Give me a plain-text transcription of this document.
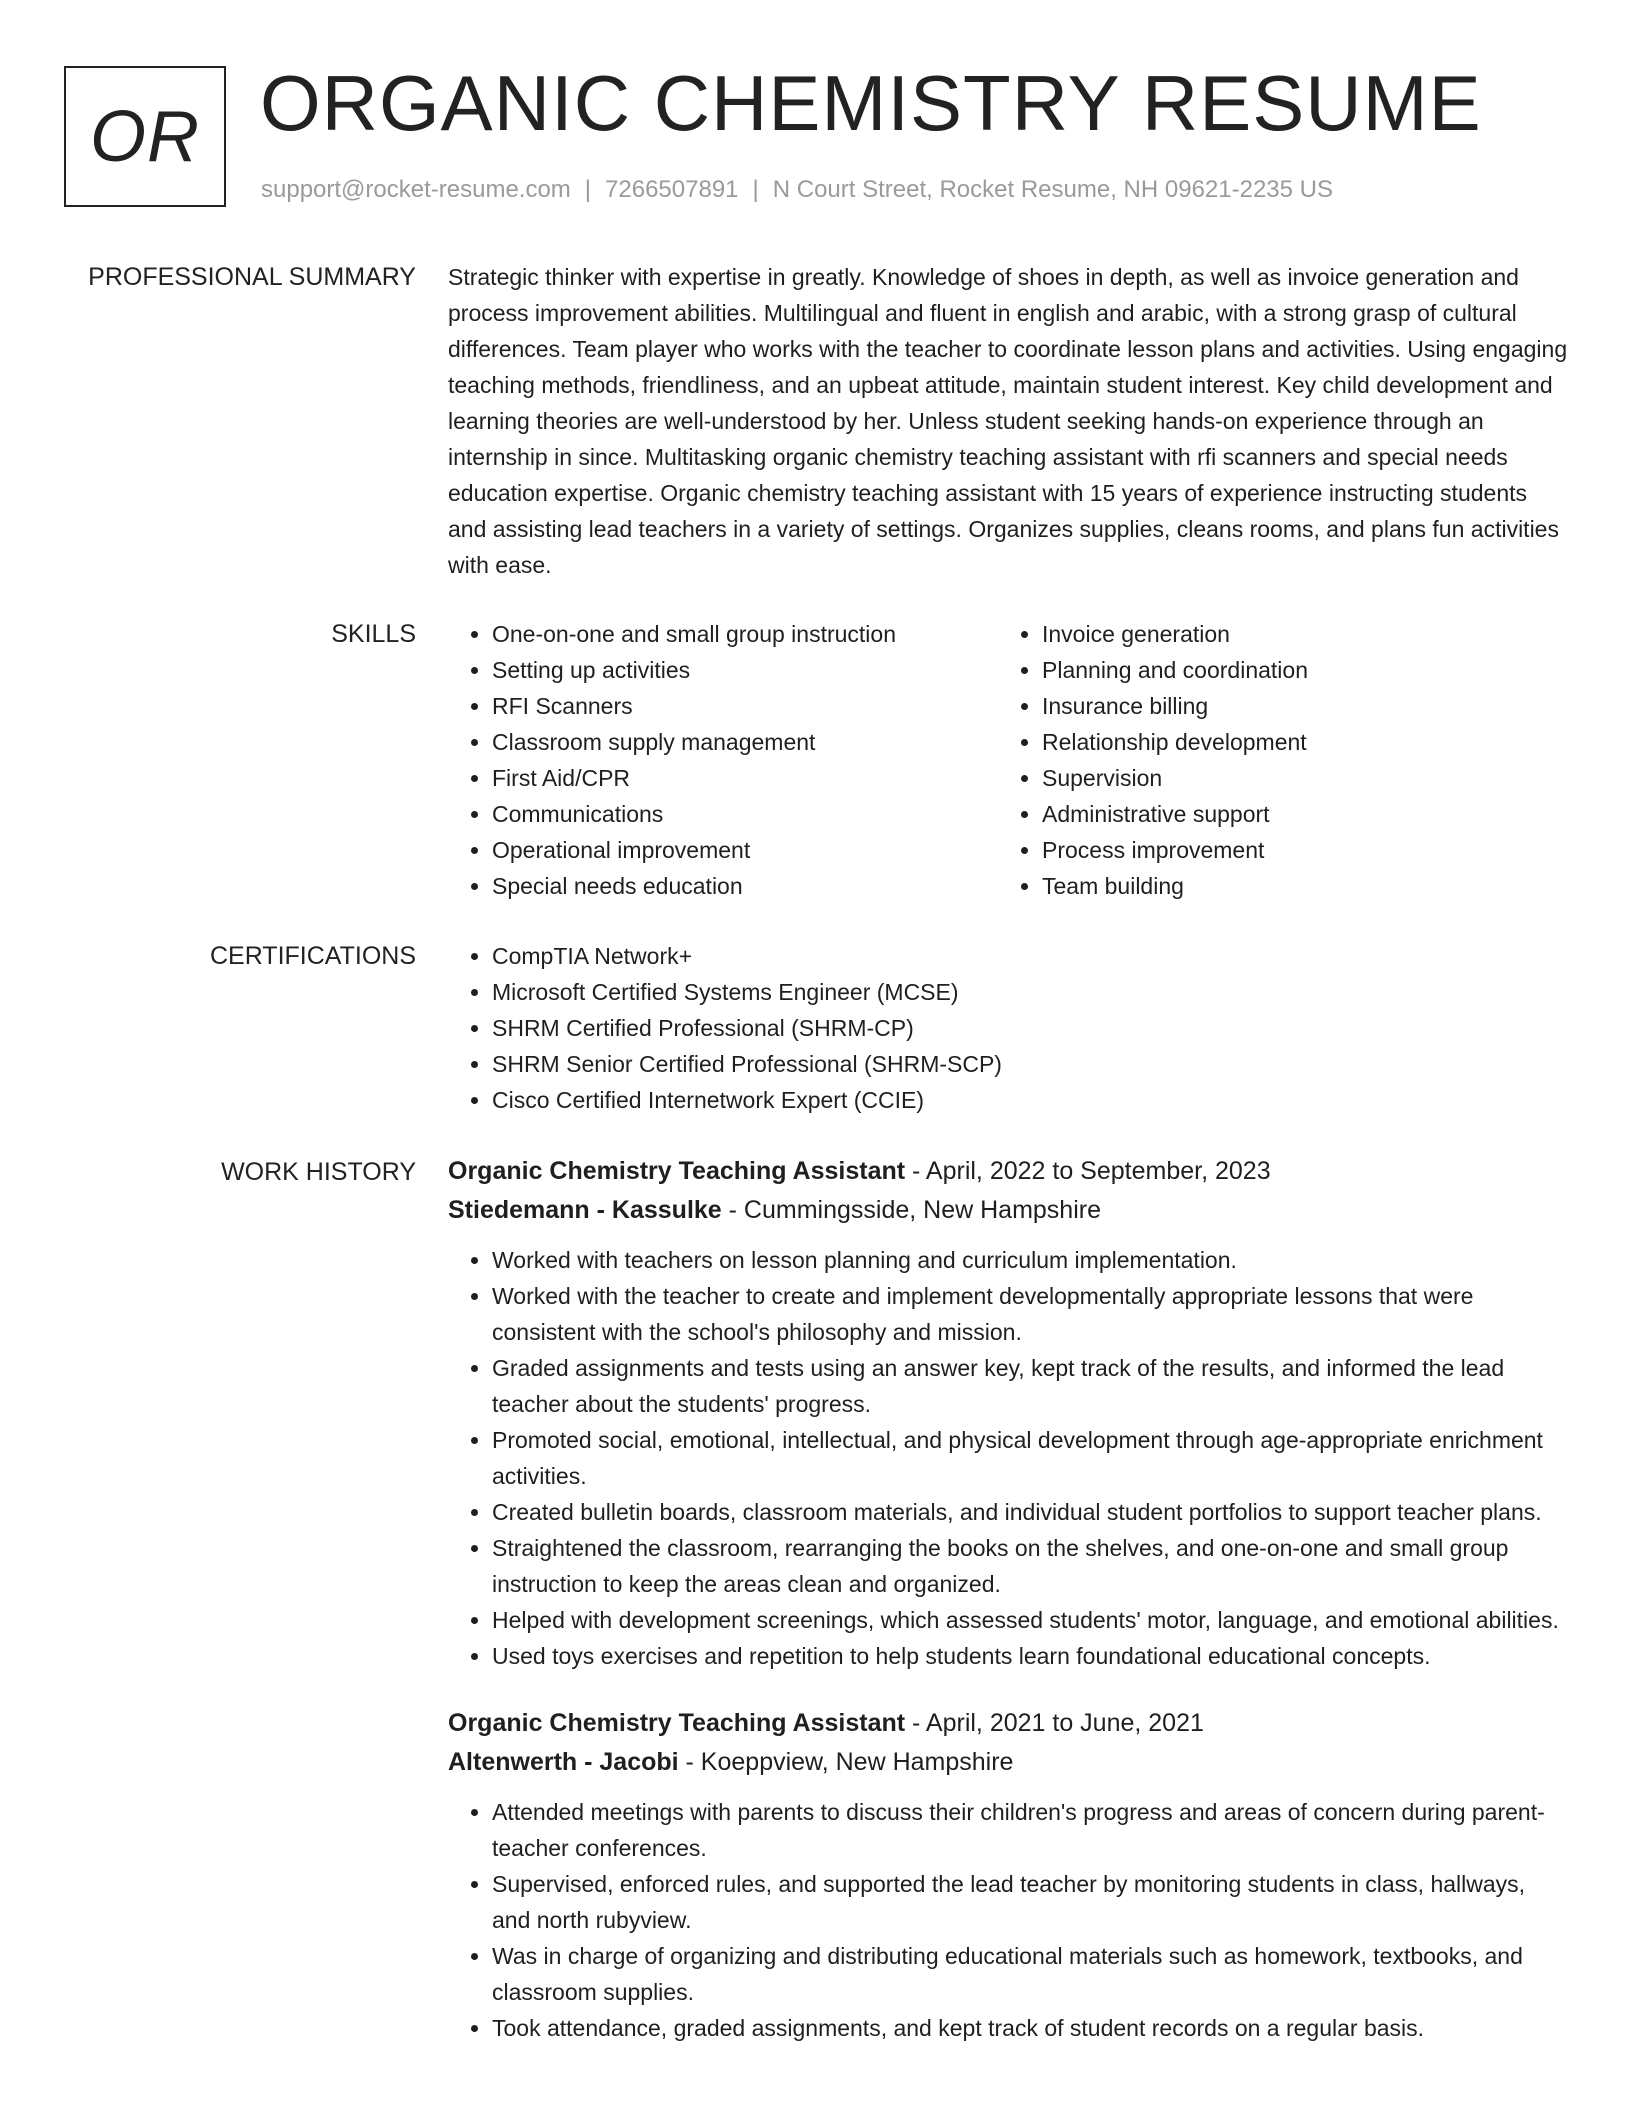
OR ORGANIC CHEMISTRY RESUME
support@rocket-resume.com | 7266507891 | N Court Street, Rocket Resume, NH 09621-2235 US
PROFESSIONAL SUMMARY Strategic thinker with expertise in greatly. Knowledge of shoes in depth, as well as invoice generation and process improvement abilities. Multilingual and fluent in english and arabic, with a strong grasp of cultural differences. Team player who works with the teacher to coordinate lesson plans and activities. Using engaging teaching methods, friendliness, and an upbeat attitude, maintain student interest. Key child development and learning theories are well-understood by her. Unless student seeking hands-on experience through an internship in since. Multitasking organic chemistry teaching assistant with rfi scanners and special needs education expertise. Organic chemistry teaching assistant with 15 years of experience instructing students and assisting lead teachers in a variety of settings. Organizes supplies, cleans rooms, and plans fun activities with ease.

SKILLS	• One-on-one and small group instruction
• Setting up activities
• RFI Scanners
• Classroom supply management
• First Aid/CPR
• Communications
• Operational improvement
• Special needs education
• Invoice generation
• Planning and coordination
• Insurance billing
• Relationship development
• Supervision
• Administrative support
• Process improvement
• Team building
CERTIFICATIONS	• CompTIA Network+
• Microsoft Certified Systems Engineer (MCSE)
• SHRM Certified Professional (SHRM-CP)
• SHRM Senior Certified Professional (SHRM-SCP)
• Cisco Certified Internetwork Expert (CCIE)
WORK HISTORY Organic Chemistry Teaching Assistant - April, 2022 to September, 2023
Stiedemann - Kassulke - Cummingsside, New Hampshire
• Worked with teachers on lesson planning and curriculum implementation.
• Worked with the teacher to create and implement developmentally appropriate lessons that were consistent with the school's philosophy and mission.
• Graded assignments and tests using an answer key, kept track of the results, and informed the lead teacher about the students' progress.
• Promoted social, emotional, intellectual, and physical development through age-appropriate enrichment activities.
• Created bulletin boards, classroom materials, and individual student portfolios to support teacher plans.
• Straightened the classroom, rearranging the books on the shelves, and one-on-one and small group instruction to keep the areas clean and organized.
• Helped with development screenings, which assessed students' motor, language, and emotional abilities.
• Used toys exercises and repetition to help students learn foundational educational concepts.
Organic Chemistry Teaching Assistant - April, 2021 to June, 2021
Altenwerth - Jacobi - Koeppview, New Hampshire
• Attended meetings with parents to discuss their children's progress and areas of concern during parent-teacher conferences.
• Supervised, enforced rules, and supported the lead teacher by monitoring students in class, hallways, and north rubyview.
• Was in charge of organizing and distributing educational materials such as homework, textbooks, and classroom supplies.
• Took attendance, graded assignments, and kept track of student records on a regular basis.
